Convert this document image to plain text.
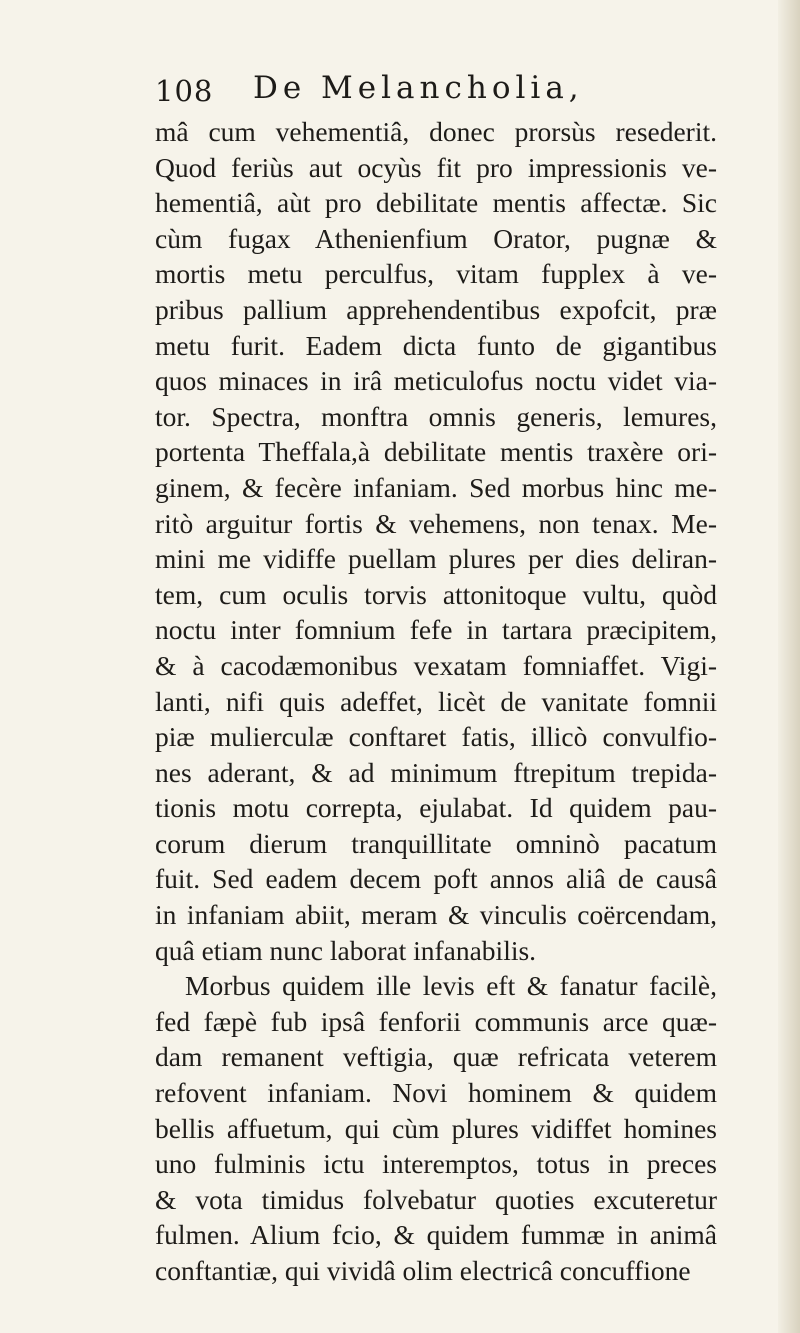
108 De Melancholia,
mâ cum vehementiâ, donec prorsùs resederit.
Quod feriùs aut ocyùs fit pro impressionis ve-
hementiâ, aùt pro debilitate mentis affectæ. Sic
cùm fugax Athenienfium Orator, pugnæ &
mortis metu perculfus, vitam fupplex à ve-
pribus pallium apprehendentibus expofcit, præ
metu furit. Eadem dicta funto de gigantibus
quos minaces in irâ meticulofus noctu videt via-
tor. Spectra, monftra omnis generis, lemures,
portenta Theffala,à debilitate mentis traxère ori-
ginem, & fecère infaniam. Sed morbus hinc me-
ritò arguitur fortis & vehemens, non tenax. Me-
mini me vidiffe puellam plures per dies deliran-
tem, cum oculis torvis attonitoque vultu, quòd
noctu inter fomnium fefe in tartara præcipitem,
& à cacodæmonibus vexatam fomniaffet. Vigi-
lanti, nifi quis adeffet, licèt de vanitate fomnii
piæ mulierculæ conftaret fatis, illicò convulfio-
nes aderant, & ad minimum ftrepitum trepida-
tionis motu correpta, ejulabat. Id quidem pau-
corum dierum tranquillitate omninò pacatum
fuit. Sed eadem decem poft annos aliâ de causâ
in infaniam abiit, meram & vinculis coërcendam,
quâ etiam nunc laborat infanabilis.
Morbus quidem ille levis eft & fanatur facilè,
fed fæpè fub ipsâ fenforii communis arce quæ-
dam remanent veftigia, quæ refricata veterem
refovent infaniam. Novi hominem & quidem
bellis affuetum, qui cùm plures vidiffet homines
uno fulminis ictu interemptos, totus in preces
& vota timidus folvebatur quoties excuteretur
fulmen. Alium fcio, & quidem fummæ in animâ
conftantiæ, qui vividâ olim electricâ concuffione
